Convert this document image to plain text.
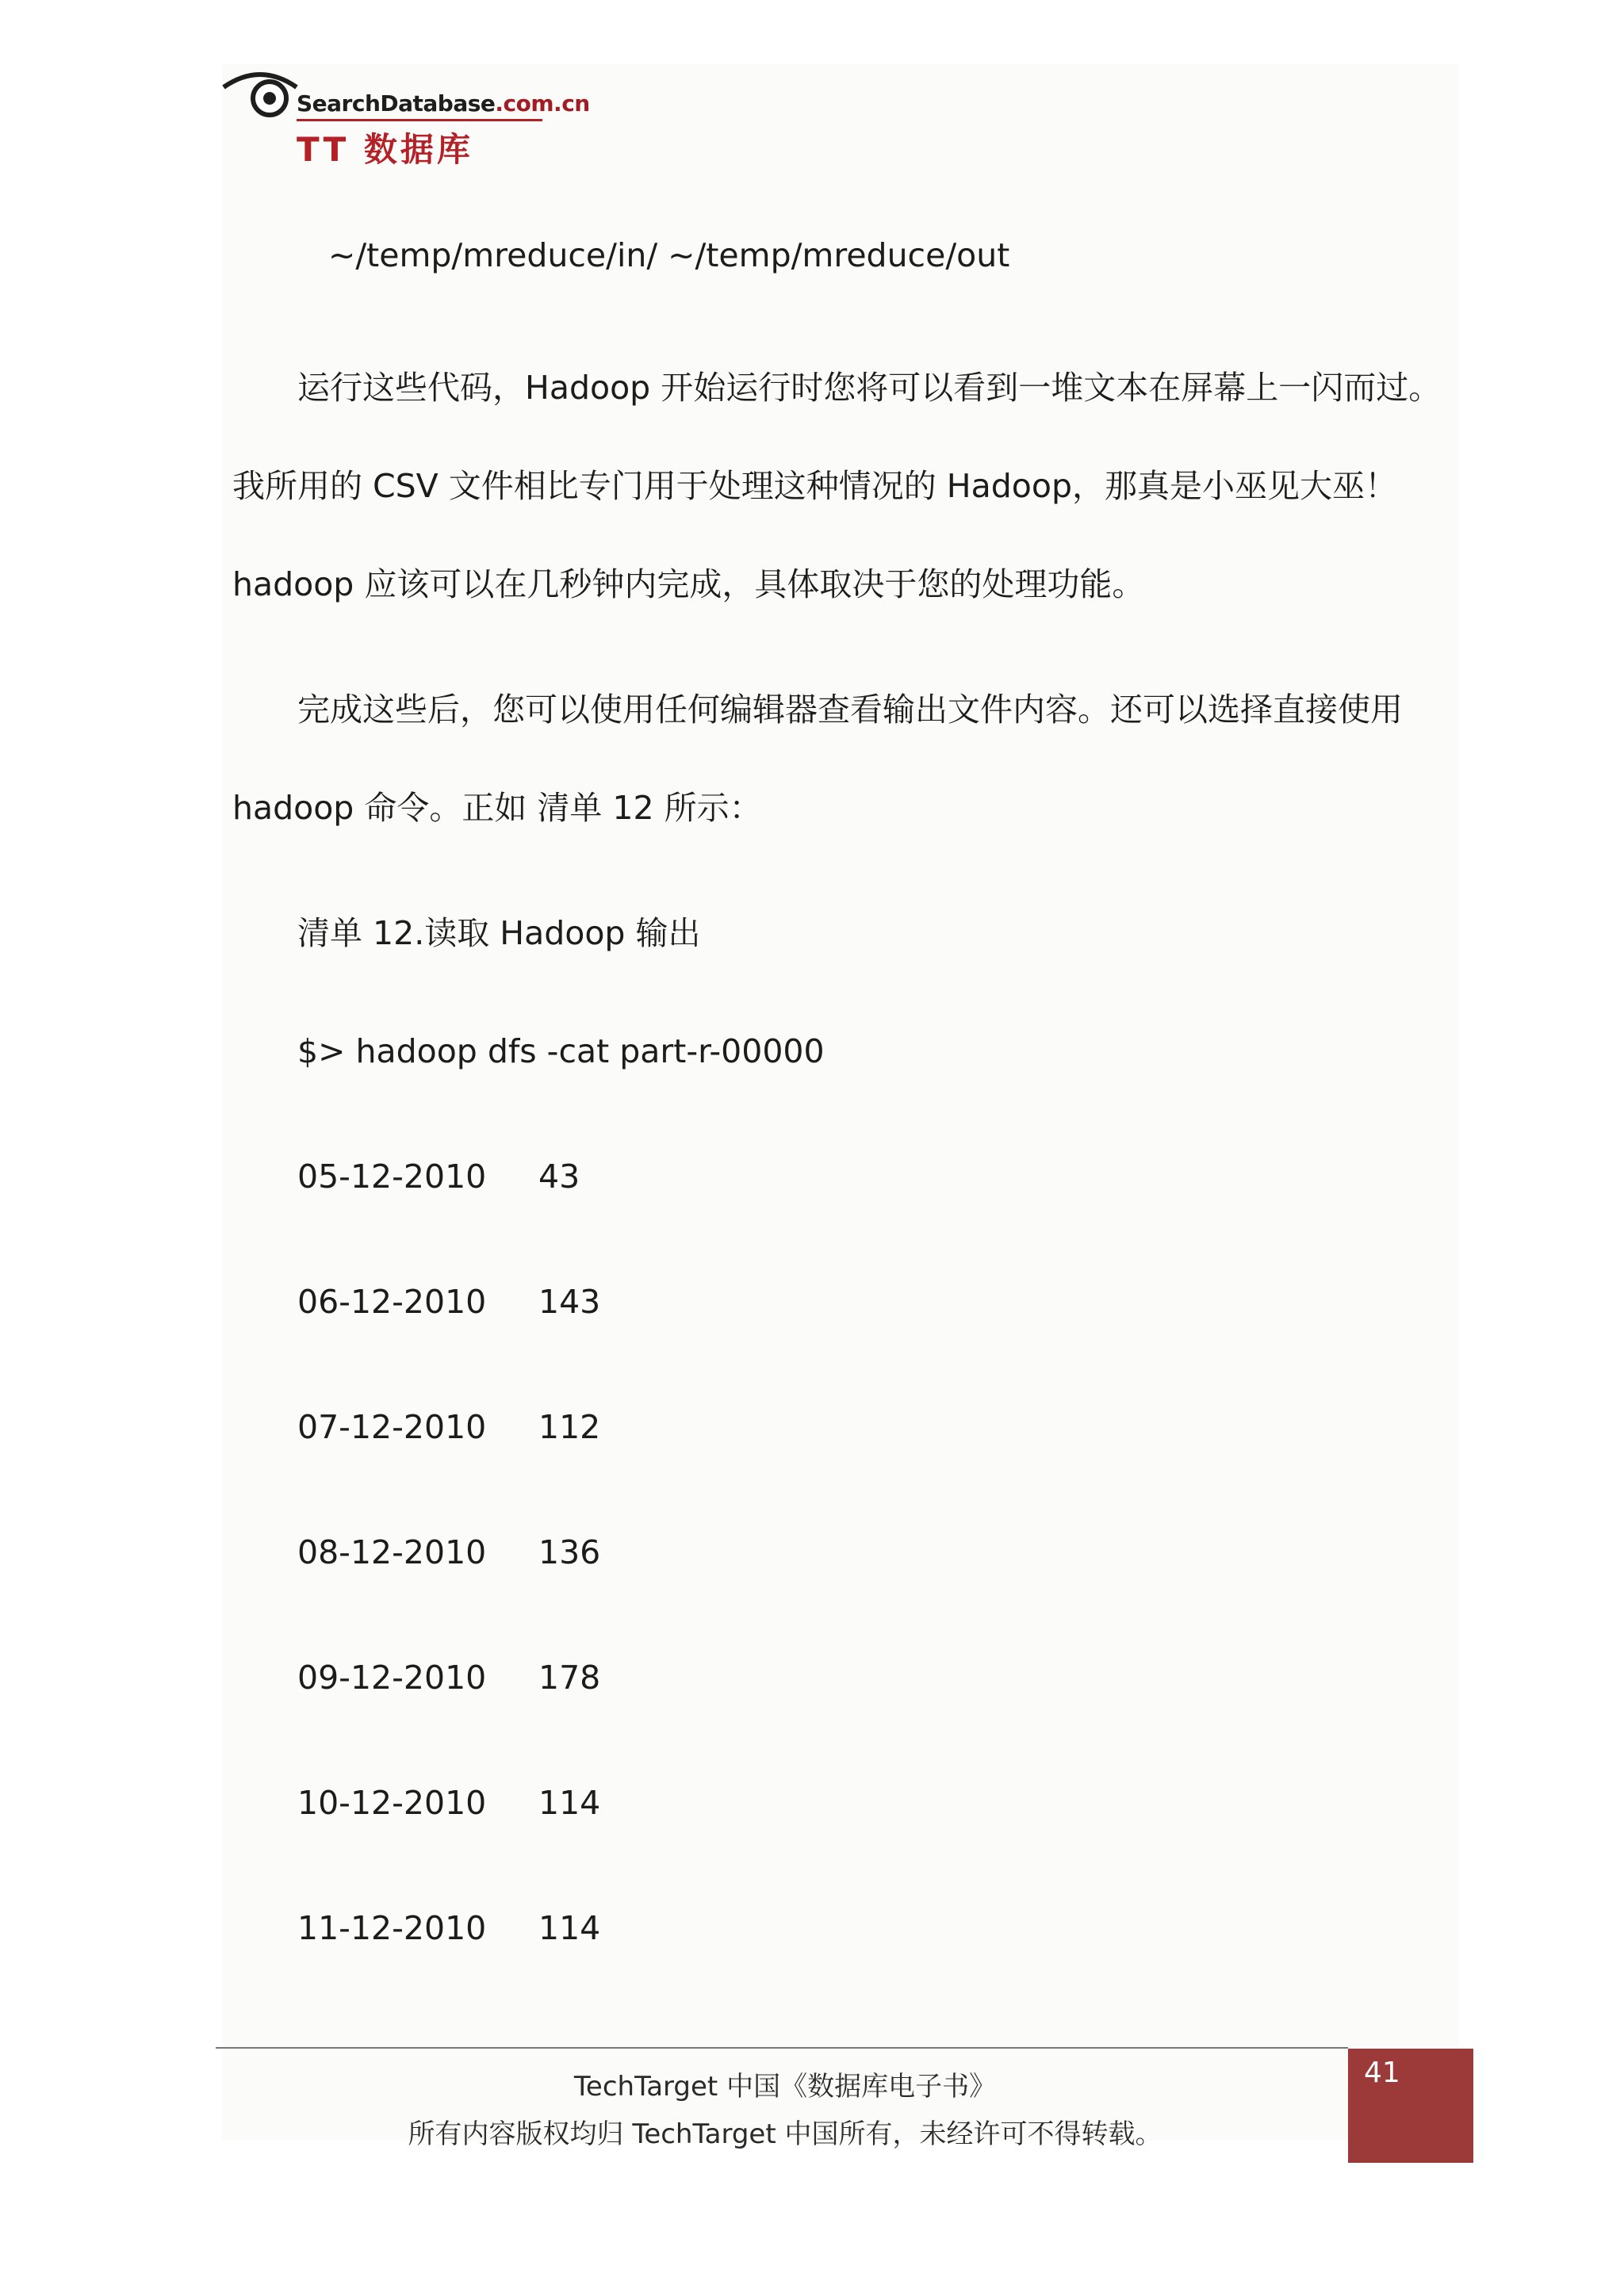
SearchDatabase.com.cn
TT 数据库
~/temp/mreduce/in/ ~/temp/mreduce/out
运行这些代码，Hadoop 开始运行时您将可以看到一堆文本在屏幕上一闪而过。
我所用的 CSV 文件相比专门用于处理这种情况的 Hadoop，那真是小巫见大巫！
hadoop 应该可以在几秒钟内完成，具体取决于您的处理功能。
完成这些后，您可以使用任何编辑器查看输出文件内容。还可以选择直接使用
hadoop 命令。正如 清单 12 所示：
清单 12.读取 Hadoop 输出
$> hadoop dfs -cat part-r-00000
05-12-2010 43
06-12-2010 143
07-12-2010 112
08-12-2010 136
09-12-2010 178
10-12-2010 114
11-12-2010 114
TechTarget 中国《数据库电子书》
所有内容版权均归 TechTarget 中国所有，未经许可不得转载。
41
